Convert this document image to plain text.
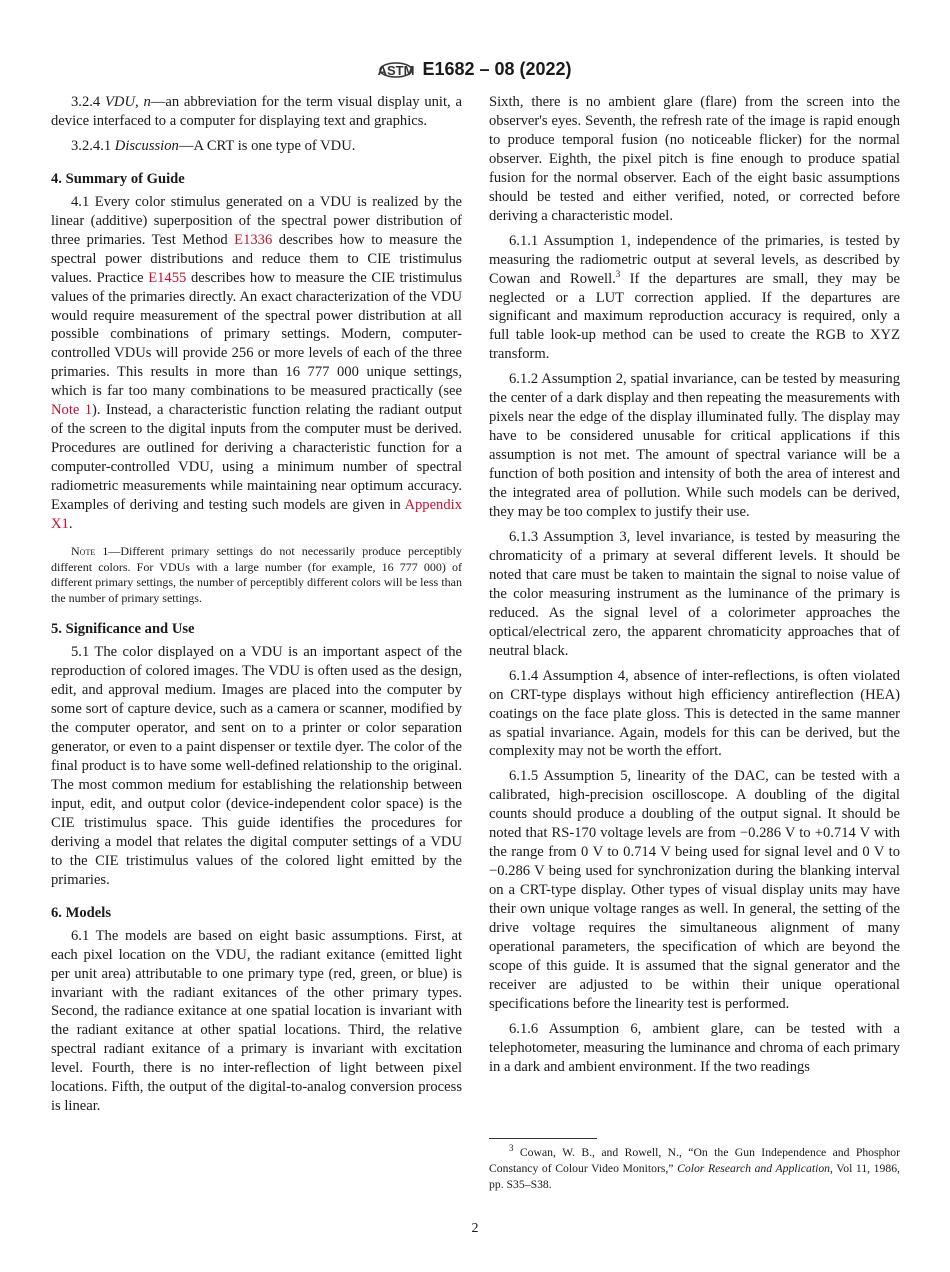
ASTM E1682 – 08 (2022)

3.2.4 VDU, n—an abbreviation for the term visual display unit, a device interfaced to a computer for displaying text and graphics.

3.2.4.1 Discussion—A CRT is one type of VDU.

4. Summary of Guide

4.1 Every color stimulus generated on a VDU is realized by the linear (additive) superposition of the spectral power distribution of three primaries. Test Method E1336 describes how to measure the spectral power distributions and reduce them to CIE tristimulus values. Practice E1455 describes how to measure the CIE tristimulus values of the primaries directly. An exact characterization of the VDU would require measurement of the spectral power distribution at all possible combinations of primary settings. Modern, computer-controlled VDUs will provide 256 or more levels of each of the three primaries. This results in more than 16 777 000 unique settings, which is far too many combinations to be measured practically (see Note 1). Instead, a characteristic function relating the radiant output of the screen to the digital inputs from the computer must be derived. Procedures are outlined for deriving a characteristic function for a computer-controlled VDU, using a minimum number of spectral radiometric measurements while maintaining near optimum accuracy. Examples of deriving and testing such models are given in Appendix X1.

Note 1—Different primary settings do not necessarily produce perceptibly different colors. For VDUs with a large number (for example, 16 777 000) of different primary settings, the number of perceptibly different colors will be less than the number of primary settings.
5. Significance and Use

5.1 The color displayed on a VDU is an important aspect of the reproduction of colored images. The VDU is often used as the design, edit, and approval medium. Images are placed into the computer by some sort of capture device, such as a camera or scanner, modified by the computer operator, and sent on to a printer or color separation generator, or even to a paint dispenser or textile dyer. The color of the final product is to have some well-defined relationship to the original. The most common medium for establishing the relationship between input, edit, and output color (device-independent color space) is the CIE tristimulus space. This guide identifies the procedures for deriving a model that relates the digital computer settings of a VDU to the CIE tristimulus values of the colored light emitted by the primaries.

6. Models

6.1 The models are based on eight basic assumptions. First, at each pixel location on the VDU, the radiant exitance (emitted light per unit area) attributable to one primary type (red, green, or blue) is invariant with the radiant exitances of the other primary types. Second, the radiance exitance at one spatial location is invariant with the radiant exitance at other spatial locations. Third, the relative spectral radiant exitance of a primary is invariant with excitation level. Fourth, there is no inter-reflection of light between pixel locations. Fifth, the output of the digital-to-analog conversion process is linear.

Sixth, there is no ambient glare (flare) from the screen into the observer's eyes. Seventh, the refresh rate of the image is rapid enough to produce temporal fusion (no noticeable flicker) for the normal observer. Eighth, the pixel pitch is fine enough to produce spatial fusion for the normal observer. Each of the eight basic assumptions should be tested and either verified, noted, or corrected before deriving a characteristic model.

6.1.1 Assumption 1, independence of the primaries, is tested by measuring the radiometric output at several levels, as described by Cowan and Rowell.$^3$ If the departures are small, they may be neglected or a LUT correction applied. If the departures are significant and maximum reproduction accuracy is required, only a full table look-up method can be used to create the RGB to XYZ transform.

6.1.2 Assumption 2, spatial invariance, can be tested by measuring the center of a dark display and then repeating the measurements with pixels near the edge of the display illuminated fully. The display may have to be considered unusable for critical applications if this assumption is not met. The amount of spectral variance will be a function of both position and intensity of both the area of interest and the integrated area of pollution. While such models can be derived, they may be too complex to justify their use.

6.1.3 Assumption 3, level invariance, is tested by measuring the chromaticity of a primary at several different levels. It should be noted that care must be taken to maintain the signal to noise value of the color measuring instrument as the luminance of the primary is reduced. As the signal level of a colorimeter approaches the optical/electrical zero, the apparent chromaticity approaches that of neutral black.

6.1.4 Assumption 4, absence of inter-reflections, is often violated on CRT-type displays without high efficiency antireflection (HEA) coatings on the face plate gloss. This is detected in the same manner as spatial invariance. Again, models for this can be derived, but the complexity may not be worth the effort.

6.1.5 Assumption 5, linearity of the DAC, can be tested with a calibrated, high-precision oscilloscope. A doubling of the digital counts should produce a doubling of the output signal. It should be noted that RS-170 voltage levels are from −0.286 V to +0.714 V with the range from 0 V to 0.714 V being used for signal level and 0 V to −0.286 V being used for synchronization during the blanking interval on a CRT-type display. Other types of visual display units may have their own unique voltage ranges as well. In general, the setting of the drive voltage requires the simultaneous alignment of many operational parameters, the specification of which are beyond the scope of this guide. It is assumed that the signal generator and the receiver are adjusted to be within their unique operational specifications before the linearity test is performed.

6.1.6 Assumption 6, ambient glare, can be tested with a telephotometer, measuring the luminance and chroma of each primary in a dark and ambient environment. If the two readings

$^3$ Cowan, W. B., and Rowell, N., “On the Gun Independence and Phosphor Constancy of Colour Video Monitors,” Color Research and Application, Vol 11, 1986, pp. S35–S38.
2
